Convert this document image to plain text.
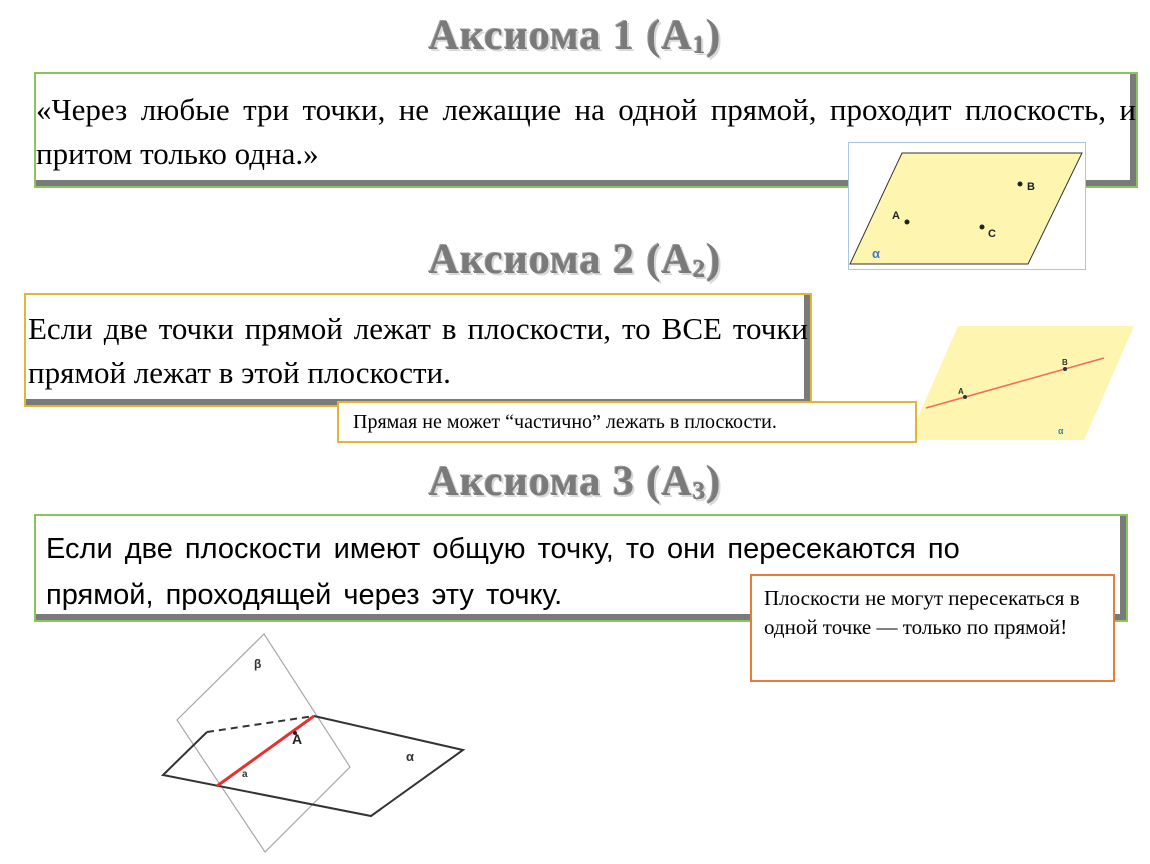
Аксиома 1 $(А_1)$
«Через любые три точки, не лежащие на одной прямой, проходит плоскость, и притом только одна.»
B
A
C
α
Аксиома 2 $(А_2)$
Если две точки прямой лежат в плоскости, то ВСЕ точки прямой лежат в этой плоскости.
A
B
α
Прямая не может “частично” лежать в плоскости.
Аксиома 3 $(А_3)$
Если две плоскости имеют общую точку, то они пересекаются по прямой, проходящей через эту точку.	Плоскости не могут пересекаться в одной точке — только по прямой!
A
a
β
α
